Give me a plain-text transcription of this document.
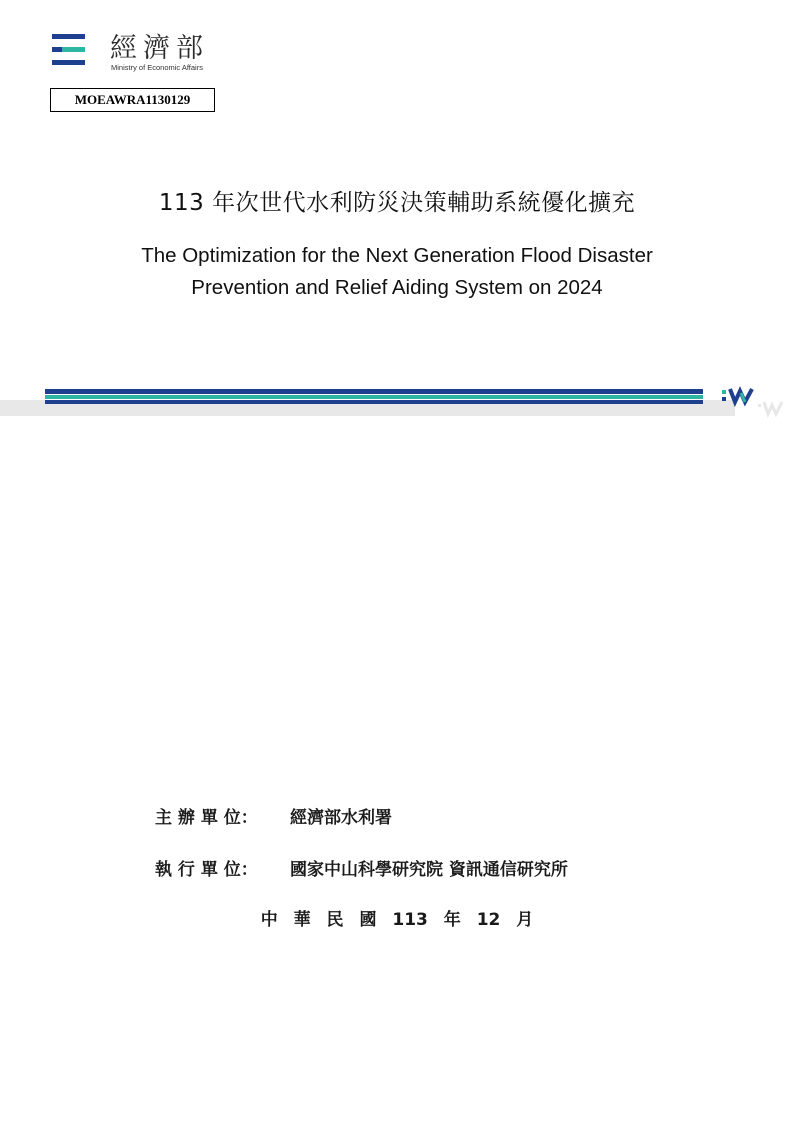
經濟部
Ministry of Economic Affairs
MOEAWRA1130129
113 年次世代水利防災決策輔助系統優化擴充
The Optimization for the Next Generation Flood Disaster
Prevention and Relief Aiding System on 2024
主 辦 單 位： 經濟部水利署
執 行 單 位： 國家中山科學研究院 資訊通信研究所
中 華 民 國 113 年 12 月
